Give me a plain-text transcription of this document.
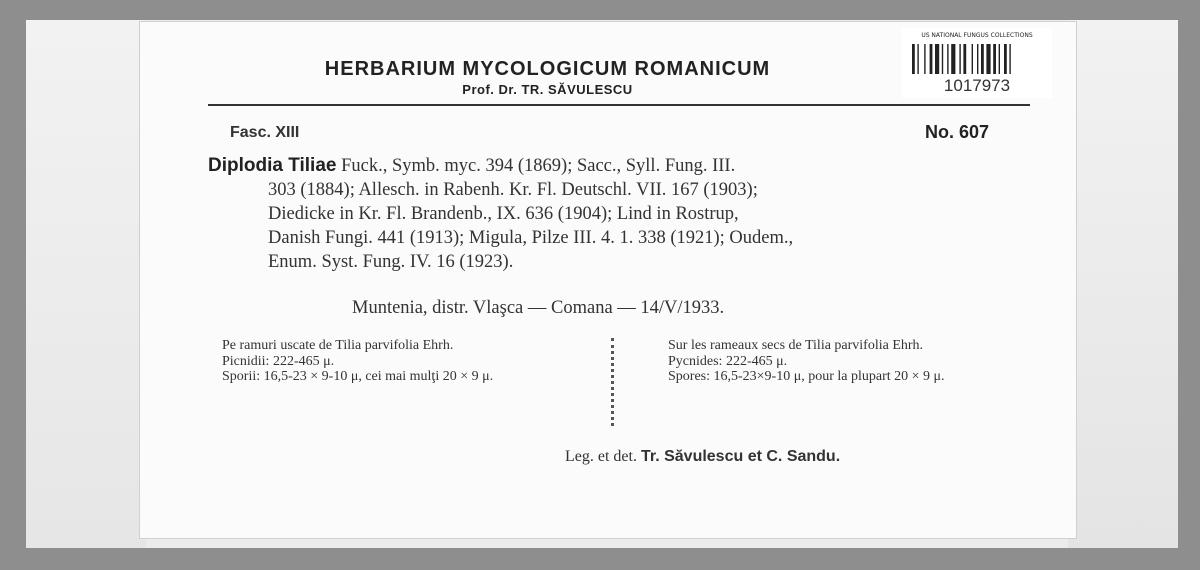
HERBARIUM MYCOLOGICUM ROMANICUM
Prof. Dr. TR. SĂVULESCU
US NATIONAL FUNGUS COLLECTIONS
1017973
Fasc. XIII	No. 607
Diplodia Tiliae Fuck., Symb. myc. 394 (1869); Sacc., Syll. Fung. III.
303 (1884); Allesch. in Rabenh. Kr. Fl. Deutschl. VII. 167 (1903);
Diedicke in Kr. Fl. Brandenb., IX. 636 (1904); Lind in Rostrup,
Danish Fungi. 441 (1913); Migula, Pilze III. 4. 1. 338 (1921); Oudem.,
Enum. Syst. Fung. IV. 16 (1923).
Muntenia, distr. Vlaşca — Comana — 14/V/1933.
Pe ramuri uscate de Tilia parvifolia Ehrh.
Picnidii: 222-465 μ.
Sporii: 16,5-23 × 9-10 μ, cei mai mulţi 20 × 9 μ.
Sur les rameaux secs de Tilia parvifolia Ehrh.
Pycnides: 222-465 μ.
Spores: 16,5-23×9-10 μ, pour la plupart 20 × 9 μ.
Leg. et det. Tr. Săvulescu et C. Sandu.
